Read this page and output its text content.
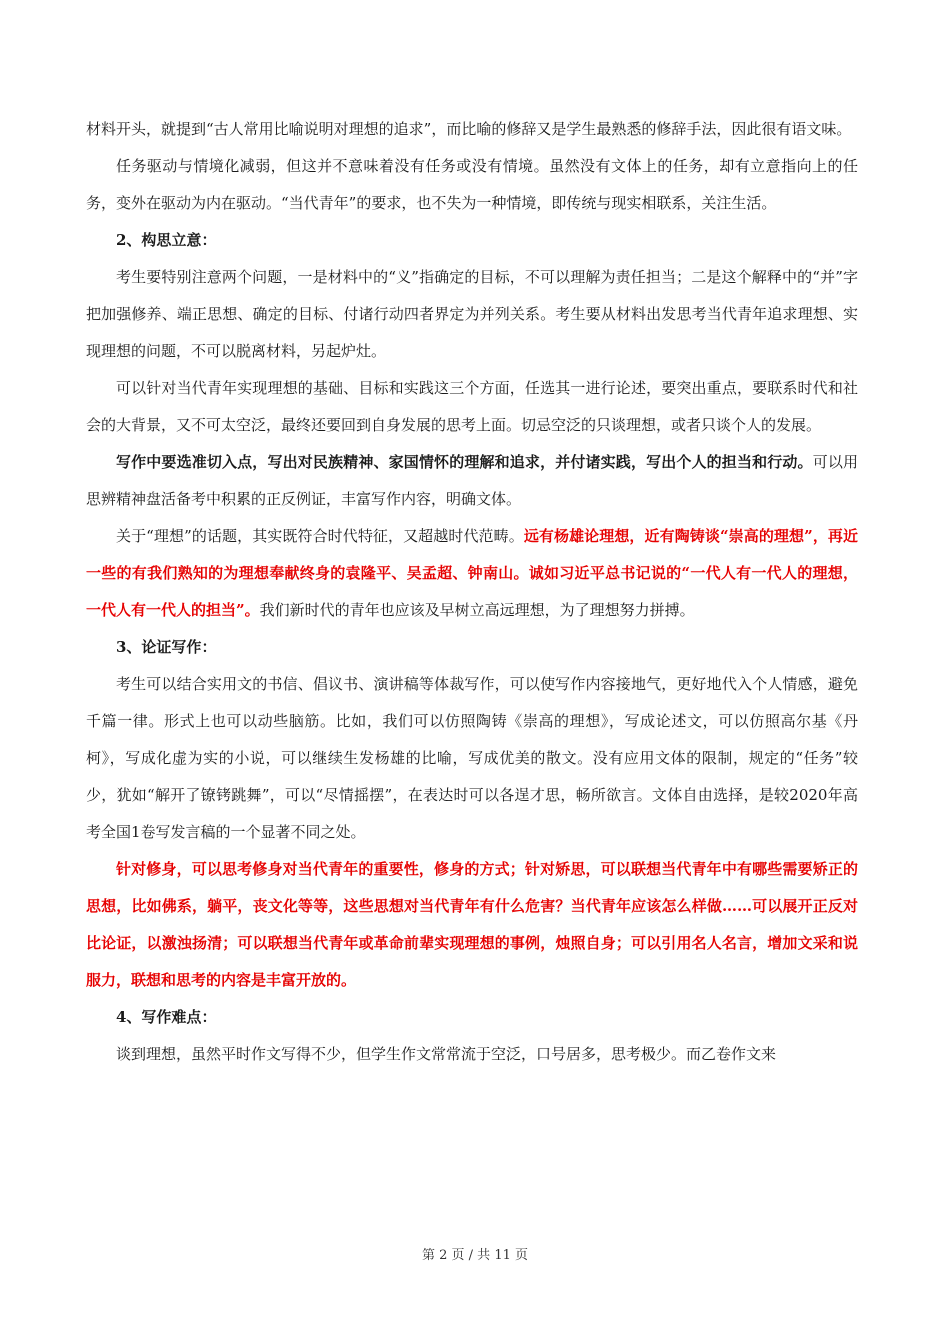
材料开头，就提到“古人常用比喻说明对理想的追求”，而比喻的修辞又是学生最熟悉的修辞手法，因此很有语文味。

任务驱动与情境化减弱，但这并不意味着没有任务或没有情境。虽然没有文体上的任务，却有立意指向上的任务，变外在驱动为内在驱动。“当代青年”的要求，也不失为一种情境，即传统与现实相联系，关注生活。

2、构思立意：

考生要特别注意两个问题，一是材料中的“义”指确定的目标，不可以理解为责任担当；二是这个解释中的“并”字把加强修养、端正思想、确定的目标、付诸行动四者界定为并列关系。考生要从材料出发思考当代青年追求理想、实现理想的问题，不可以脱离材料，另起炉灶。

可以针对当代青年实现理想的基础、目标和实践这三个方面，任选其一进行论述，要突出重点，要联系时代和社会的大背景，又不可太空泛，最终还要回到自身发展的思考上面。切忌空泛的只谈理想，或者只谈个人的发展。

写作中要选准切入点，写出对民族精神、家国情怀的理解和追求，并付诸实践，写出个人的担当和行动。可以用思辨精神盘活备考中积累的正反例证，丰富写作内容，明确文体。

关于“理想”的话题，其实既符合时代特征，又超越时代范畴。远有杨雄论理想，近有陶铸谈“崇高的理想”，再近一些的有我们熟知的为理想奉献终身的袁隆平、吴孟超、钟南山。诚如习近平总书记说的“一代人有一代人的理想，一代人有一代人的担当”。我们新时代的青年也应该及早树立高远理想，为了理想努力拼搏。

3、论证写作：

考生可以结合实用文的书信、倡议书、演讲稿等体裁写作，可以使写作内容接地气，更好地代入个人情感，避免千篇一律。形式上也可以动些脑筋。比如，我们可以仿照陶铸《崇高的理想》，写成论述文，可以仿照高尔基《丹柯》，写成化虚为实的小说，可以继续生发杨雄的比喻，写成优美的散文。没有应用文体的限制，规定的“任务”较少，犹如“解开了镣铐跳舞”，可以“尽情摇摆”，在表达时可以各逞才思，畅所欲言。文体自由选择，是较2020年高考全国1卷写发言稿的一个显著不同之处。

针对修身，可以思考修身对当代青年的重要性，修身的方式；针对矫思，可以联想当代青年中有哪些需要矫正的思想，比如佛系，躺平，丧文化等等，这些思想对当代青年有什么危害？当代青年应该怎么样做……可以展开正反对比论证，以激浊扬清；可以联想当代青年或革命前辈实现理想的事例，烛照自身；可以引用名人名言，增加文采和说服力，联想和思考的内容是丰富开放的。

4、写作难点：

谈到理想，虽然平时作文写得不少，但学生作文常常流于空泛，口号居多，思考极少。而乙卷作文来

第 2 页 / 共 11 页
